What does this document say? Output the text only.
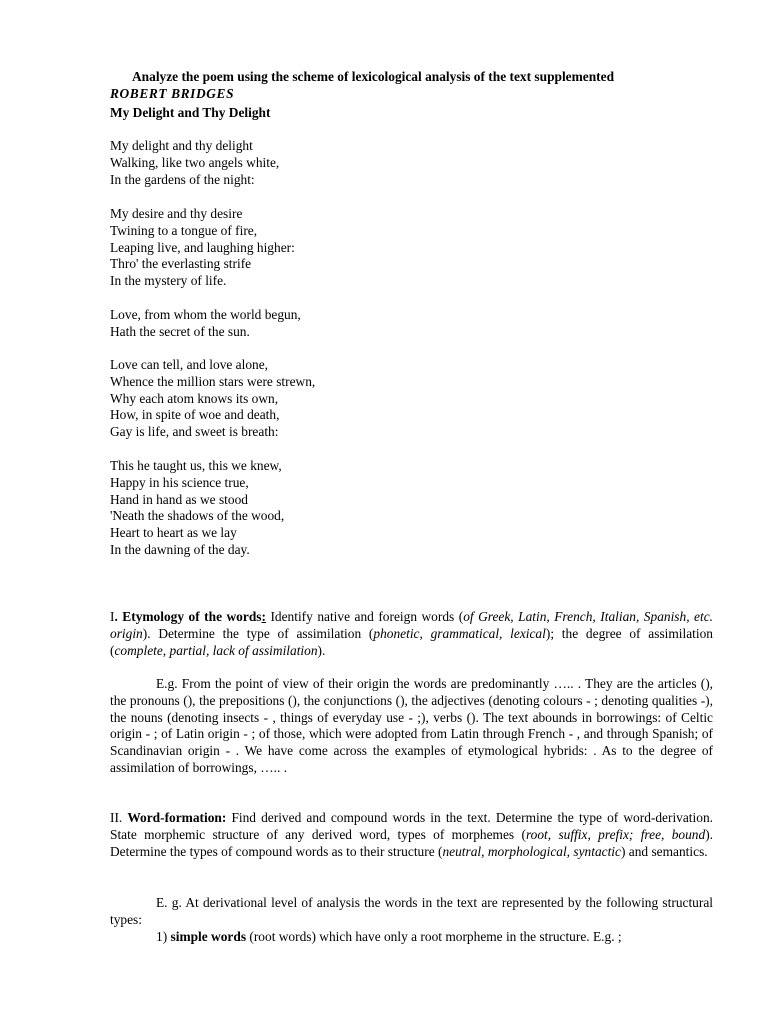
Analyze the poem using the scheme of lexicological analysis of the text supplemented
ROBERT BRIDGES
My Delight and Thy Delight
My delight and thy delight
Walking, like two angels white,
In the gardens of the night:
My desire and thy desire
Twining to a tongue of fire,
Leaping live, and laughing higher:
Thro' the everlasting strife
In the mystery of life.
Love, from whom the world begun,
Hath the secret of the sun.
Love can tell, and love alone,
Whence the million stars were strewn,
Why each atom knows its own,
How, in spite of woe and death,
Gay is life, and sweet is breath:
This he taught us, this we knew,
Happy in his science true,
Hand in hand as we stood
'Neath the shadows of the wood,
Heart to heart as we lay
In the dawning of the day.

I. Etymology of the words: Identify native and foreign words (of Greek, Latin, French, Italian, Spanish, etc. origin). Determine the type of assimilation (phonetic, grammatical, lexical); the degree of assimilation (complete, partial, lack of assimilation).

E.g. From the point of view of their origin the words are predominantly ….. . They are the articles (), the pronouns (), the prepositions (), the conjunctions (), the adjectives (denoting colours - ; denoting qualities -), the nouns (denoting insects - , things of everyday use - ;), verbs (). The text abounds in borrowings: of Celtic origin - ; of Latin origin - ; of those, which were adopted from Latin through French - , and through Spanish; of Scandinavian origin - . We have come across the examples of etymological hybrids: . As to the degree of assimilation of borrowings, ….. .

II. Word-formation: Find derived and compound words in the text. Determine the type of word-derivation. State morphemic structure of any derived word, types of morphemes (root, suffix, prefix; free, bound). Determine the types of compound words as to their structure (neutral, morphological, syntactic) and semantics.

E. g. At derivational level of analysis the words in the text are represented by the following structural types:

1) simple words (root words) which have only a root morpheme in the structure. E.g. ;
